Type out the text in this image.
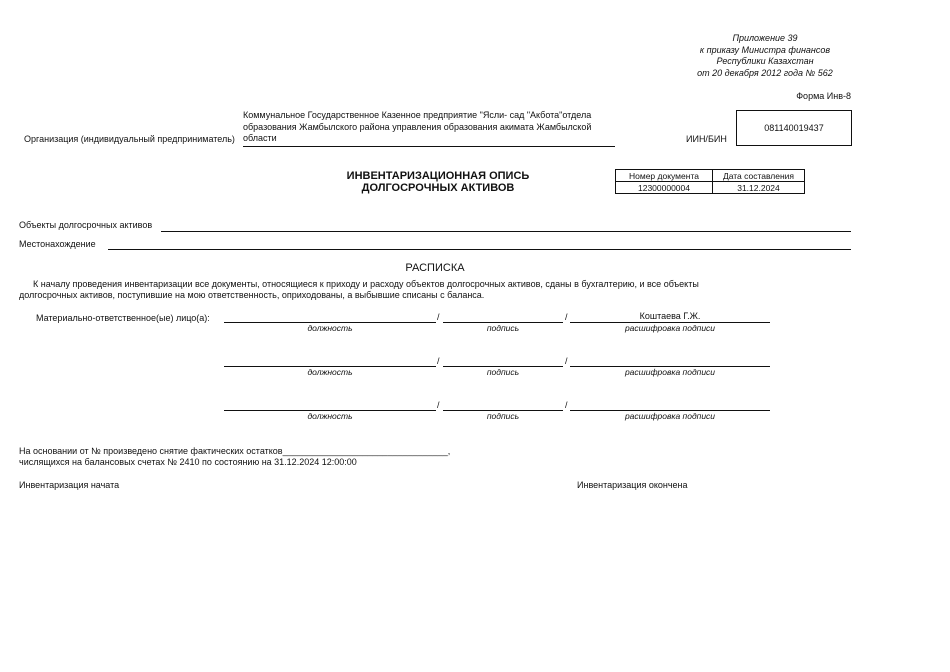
Приложение 39
к приказу Министра финансов
Республики Казахстан
от 20 декабря 2012 года № 562
Форма Инв-8
Организация (индивидуальный предприниматель)
Коммунальное Государственное Казенное предприятие "Ясли- сад "Акбота"отдела
образования Жамбылского района управления образования акимата Жамбылской
области	ИИН/БИН
081140019437
ИНВЕНТАРИЗАЦИОННАЯ ОПИСЬ
ДОЛГОСРОЧНЫХ АКТИВОВ
Номер документа	Дата составления
12300000004	31.12.2024
Объекты долгосрочных активов
Местонахождение
РАСПИСКА
К началу проведения инвентаризации все документы, относящиеся к приходу и расходу объектов долгосрочных активов, сданы в бухгалтерию, и все объекты
долгосрочных активов, поступившие на мою ответственность, оприходованы, а выбывшие списаны с баланса.
Материально-ответственное(ые) лицо(а):	/	/	Коштаева Г.Ж.
должность	подпись	расшифровка подписи
/	/
должность	подпись	расшифровка подписи
/	/
должность	подпись	расшифровка подписи
На основании от № произведено снятие фактических остатков_________________________________,
числящихся на балансовых счетах № 2410 по состоянию на 31.12.2024 12:00:00
Инвентаризация начата	Инвентаризация окончена
